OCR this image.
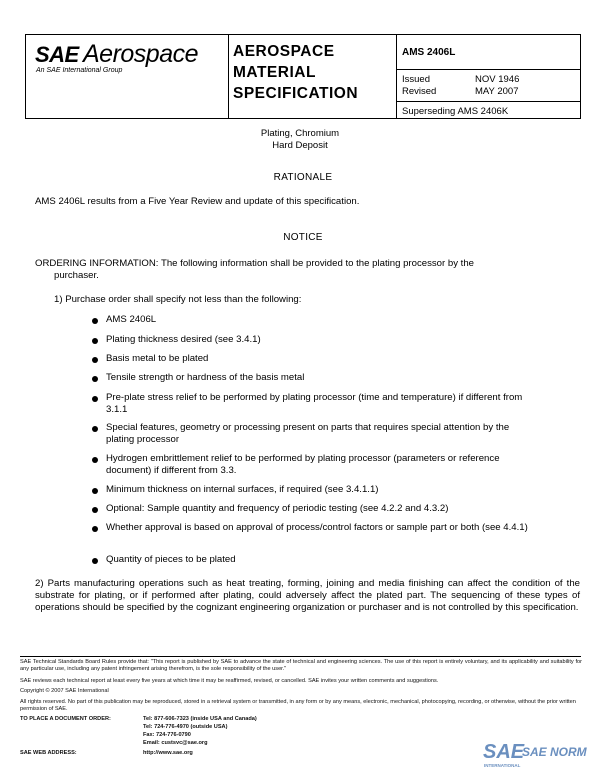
SAE Aerospace
An SAE International Group
AEROSPACE
MATERIAL
SPECIFICATION
AMS 2406L
Issued	NOV 1946
Revised	MAY 2007
Superseding AMS 2406K
Plating, Chromium
Hard Deposit
RATIONALE
AMS 2406L results from a Five Year Review and update of this specification.
NOTICE
ORDERING INFORMATION: The following information shall be provided to the plating processor by the
purchaser.
1) Purchase order shall specify not less than the following:
AMS 2406L
Plating thickness desired (see 3.4.1)
Basis metal to be plated
Tensile strength or hardness of the basis metal
Pre-plate stress relief to be performed by plating processor (time and temperature) if different from 3.1.1
Special features, geometry or processing present on parts that requires special attention by the plating processor
Hydrogen embrittlement relief to be performed by plating processor (parameters or reference document) if different from 3.3.
Minimum thickness on internal surfaces, if required (see 3.4.1.1)
Optional: Sample quantity and frequency of periodic testing (see 4.2.2 and 4.3.2)
Whether approval is based on approval of process/control factors or sample part or both (see 4.4.1)
Quantity of pieces to be plated
2) Parts manufacturing operations such as heat treating, forming, joining and media finishing can affect the condition of the substrate for plating, or if performed after plating, could adversely affect the plated part. The sequencing of these types of operations should be specified by the cognizant engineering organization or purchaser and is not controlled by this specification.
SAE Technical Standards Board Rules provide that: "This report is published by SAE to advance the state of technical and engineering sciences. The use of this report is entirely voluntary, and its applicability and suitability for any particular use, including any patent infringement arising therefrom, is the sole responsibility of the user."
SAE reviews each technical report at least every five years at which time it may be reaffirmed, revised, or cancelled. SAE invites your written comments and suggestions.
Copyright © 2007 SAE International
All rights reserved. No part of this publication may be reproduced, stored in a retrieval system or transmitted, in any form or by any means, electronic, mechanical, photocopying, recording, or otherwise, without the prior written permission of SAE.
TO PLACE A DOCUMENT ORDER:	Tel: 877-606-7323 (inside USA and Canada)
Tel: 724-776-4970 (outside USA)
Fax: 724-776-0790
Email: custsvc@sae.org
SAE WEB ADDRESS:	http://www.sae.org	SAE
SAE NORM
INTERNATIONAL
